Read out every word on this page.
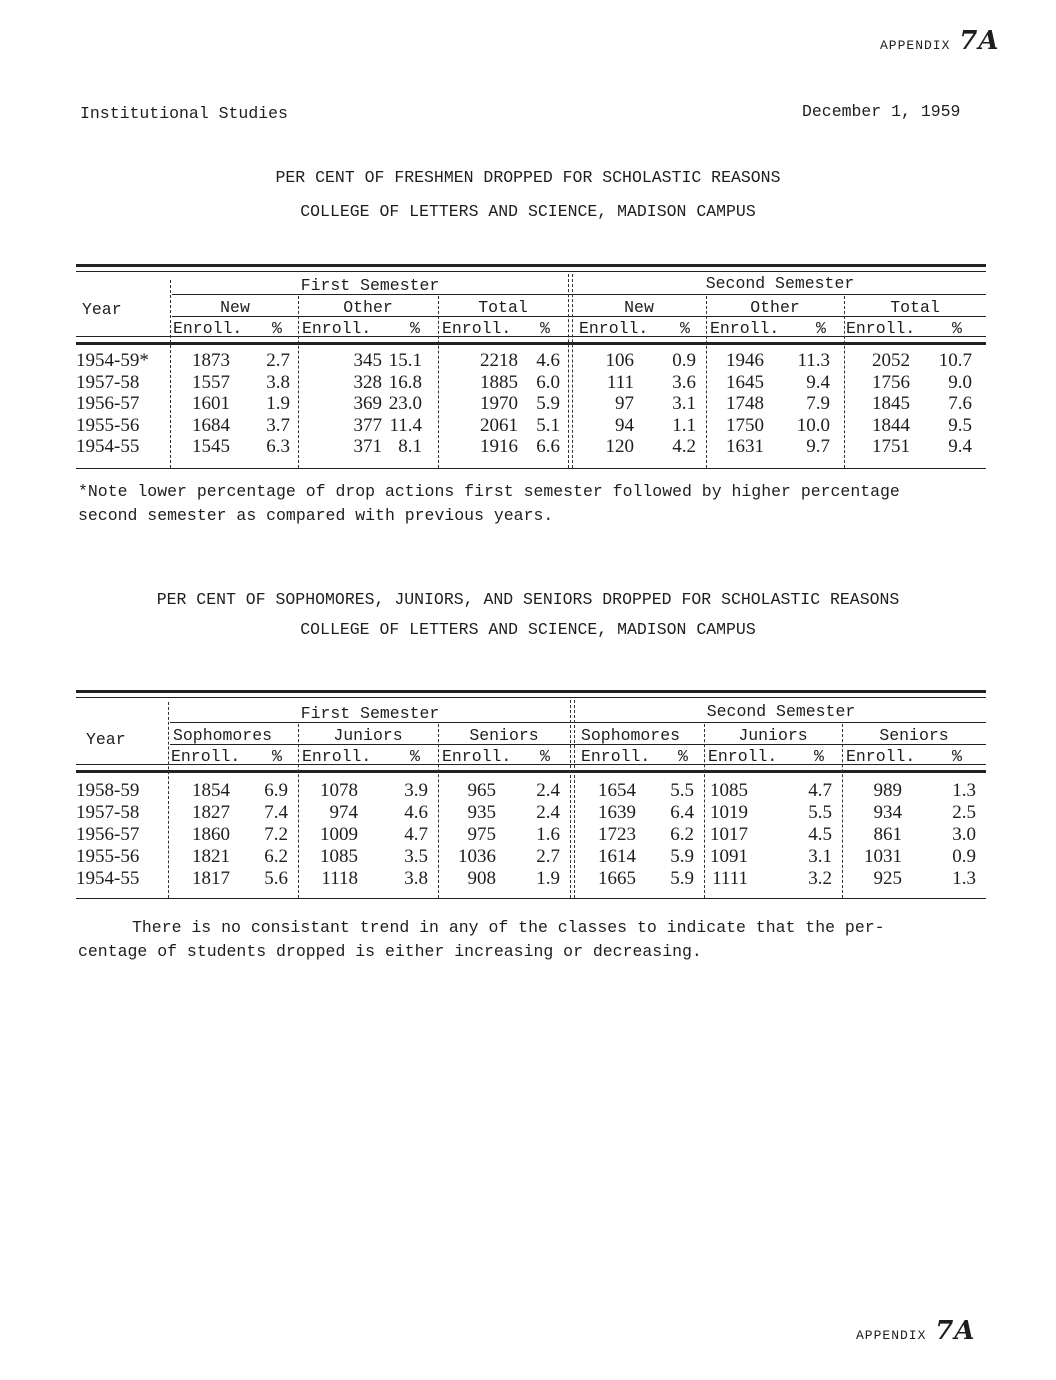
APPENDIX 7A
Institutional Studies	December 1, 1959
PER CENT OF FRESHMEN DROPPED FOR SCHOLASTIC REASONS
COLLEGE OF LETTERS AND SCIENCE, MADISON CAMPUS
Year
First Semester	Second Semester
New	Other	Total	New	Other	Total
Enroll. % Enroll. % Enroll. % Enroll. % Enroll. % Enroll. %
1954-59* 1873 2.7	345 15.1	2218 4.6 106 0.9 1946 11.3 2052 10.7
1957-58	1557 3.8	328 16.8	1885 6.0 111 3.6 1645 9.4 1756 9.0
1956-57	1601 1.9	369 23.0	1970 5.9	97 3.1 1748 7.9 1845 7.6
1955-56	1684 3.7	377 11.4	2061 5.1	94 1.1 1750 10.0 1844 9.5
1954-55	1545 6.3	371 8.1	1916 6.6 120 4.2 1631 9.7 1751 9.4
*Note lower percentage of drop actions first semester followed by higher percentage
second semester as compared with previous years.
PER CENT OF SOPHOMORES, JUNIORS, AND SENIORS DROPPED FOR SCHOLASTIC REASONS
COLLEGE OF LETTERS AND SCIENCE, MADISON CAMPUS
Year
First Semester	Second Semester
Sophomores	Juniors	Seniors	Sophomores	Juniors	Seniors
Enroll. % Enroll. % Enroll. % Enroll. % Enroll. % Enroll. %
1958-59	1854 6.9 1078 3.9 965 2.4 1654 5.5 1085	4.7 989	1.3
1957-58	1827 7.4 974 4.6 935 2.4 1639 6.4 1019	5.5 934	2.5
1956-57	1860 7.2 1009 4.7 975 1.6 1723 6.2 1017	4.5 861	3.0
1955-56	1821 6.2 1085 3.5 1036 2.7 1614 5.9 1091	3.1 1031	0.9
1954-55	1817 5.6 1118 3.8 908 1.9 1665 5.9 1111	3.2 925	1.3
There is no consistant trend in any of the classes to indicate that the per-
centage of students dropped is either increasing or decreasing.
APPENDIX 7A
